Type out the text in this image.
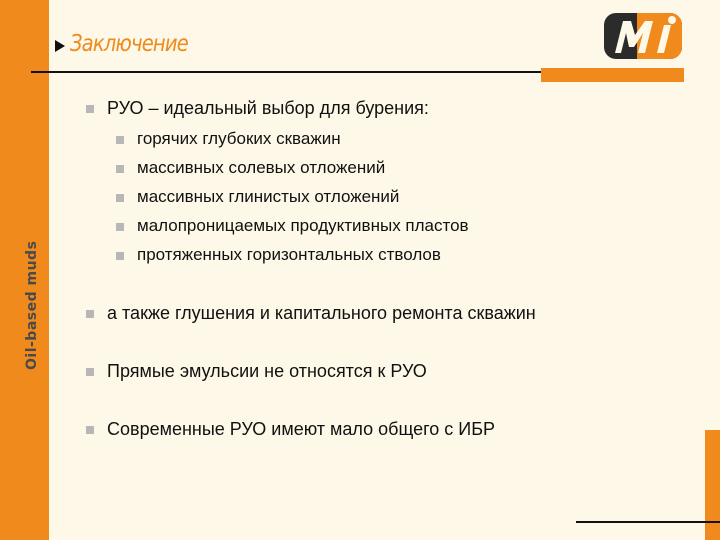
Oil-based muds
Заключение
РУО – идеальный выбор для бурения:
горячих глубоких скважин
массивных солевых отложений
массивных глинистых отложений
малопроницаемых продуктивных пластов
протяженных горизонтальных стволов
а также глушения и капитального ремонта скважин
Прямые эмульсии не относятся к РУО
Современные РУО имеют мало общего с ИБР
